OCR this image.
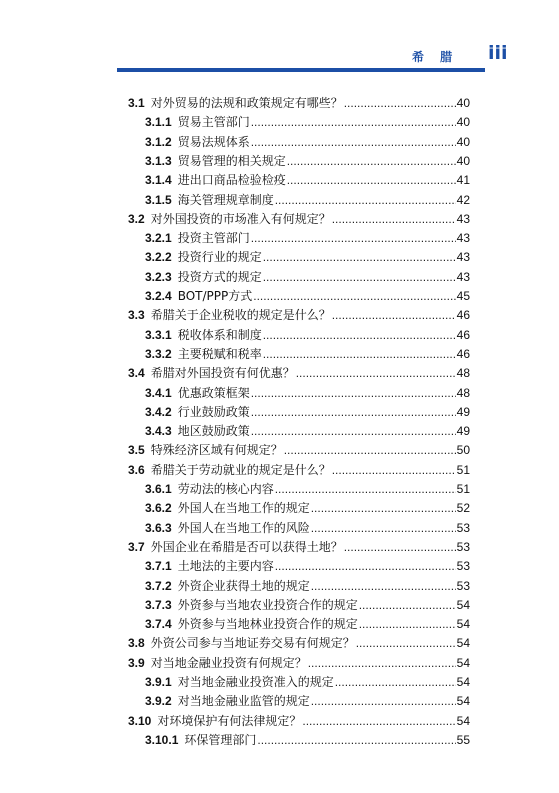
希 腊 iii
3.1 对外贸易的法规和政策规定有哪些？ .....	40
3.1.1 贸易主管部门 .....	40
3.1.2 贸易法规体系 .....	40
3.1.3 贸易管理的相关规定 .....	40
3.1.4 进出口商品检验检疫 .....	41
3.1.5 海关管理规章制度 .....	42
3.2 对外国投资的市场准入有何规定？ .....	43
3.2.1 投资主管部门 .....	43
3.2.2 投资行业的规定 .....	43
3.2.3 投资方式的规定 .....	43
3.2.4 BOT/PPP方式 .....	45
3.3 希腊关于企业税收的规定是什么？ .....	46
3.3.1 税收体系和制度 .....	46
3.3.2 主要税赋和税率 .....	46
3.4 希腊对外国投资有何优惠？ .....	48
3.4.1 优惠政策框架 .....	48
3.4.2 行业鼓励政策 .....	49
3.4.3 地区鼓励政策 .....	49
3.5 特殊经济区域有何规定？ .....	50
3.6 希腊关于劳动就业的规定是什么？ .....	51
3.6.1 劳动法的核心内容 .....	51
3.6.2 外国人在当地工作的规定 .....	52
3.6.3 外国人在当地工作的风险 .....	53
3.7 外国企业在希腊是否可以获得土地？ .....	53
3.7.1 土地法的主要内容 .....	53
3.7.2 外资企业获得土地的规定 .....	53
3.7.3 外资参与当地农业投资合作的规定 .....	54
3.7.4 外资参与当地林业投资合作的规定 .....	54
3.8 外资公司参与当地证券交易有何规定？ .....	54
3.9 对当地金融业投资有何规定？ .....	54
3.9.1 对当地金融业投资准入的规定 .....	54
3.9.2 对当地金融业监管的规定 .....	54
3.10 对环境保护有何法律规定？ .....	54
3.10.1 环保管理部门 .....	55
